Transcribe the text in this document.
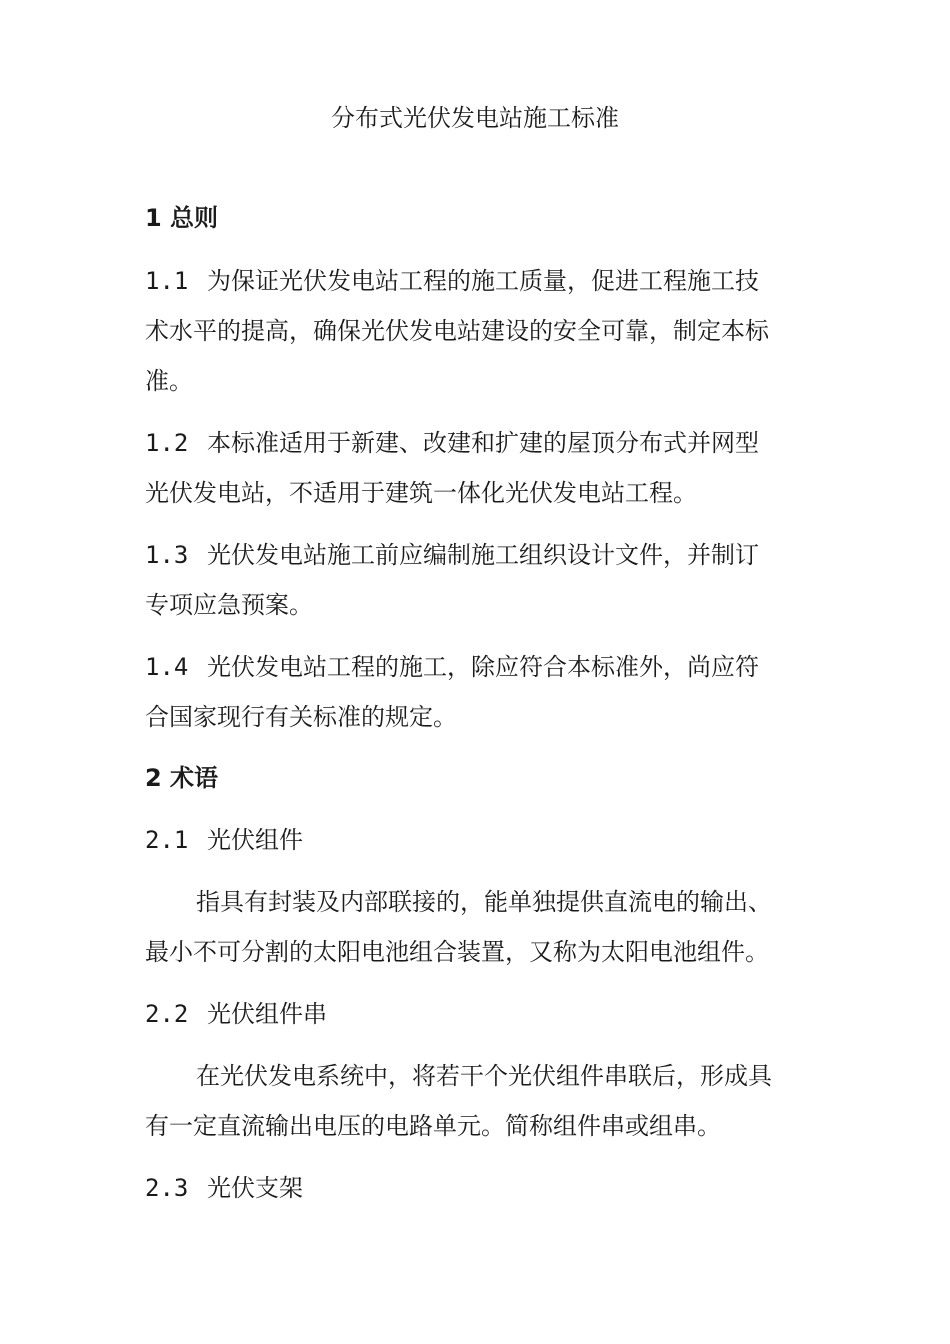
分布式光伏发电站施工标准
1 总则

1.1 为保证光伏发电站工程的施工质量，促进工程施工技

术水平的提高，确保光伏发电站建设的安全可靠，制定本标

准。

1.2 本标准适用于新建、改建和扩建的屋顶分布式并网型

光伏发电站，不适用于建筑一体化光伏发电站工程。

1.3 光伏发电站施工前应编制施工组织设计文件，并制订

专项应急预案。

1.4 光伏发电站工程的施工，除应符合本标准外，尚应符

合国家现行有关标准的规定。

2 术语

2.1 光伏组件

指具有封装及内部联接的，能单独提供直流电的输出、

最小不可分割的太阳电池组合装置，又称为太阳电池组件。

2.2 光伏组件串

在光伏发电系统中，将若干个光伏组件串联后，形成具

有一定直流输出电压的电路单元。简称组件串或组串。

2.3 光伏支架
